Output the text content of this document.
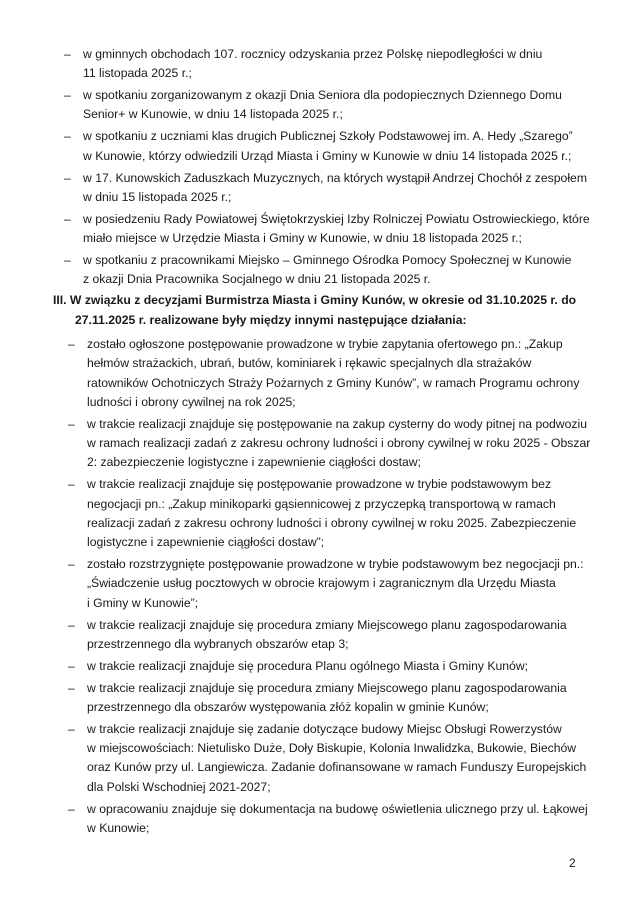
– w gminnych obchodach 107. rocznicy odzyskania przez Polskę niepodległości w dniu
11 listopada 2025 r.;
– w spotkaniu zorganizowanym z okazji Dnia Seniora dla podopiecznych Dziennego Domu
Senior+ w Kunowie, w dniu 14 listopada 2025 r.;
– w spotkaniu z uczniami klas drugich Publicznej Szkoły Podstawowej im. A. Hedy „Szarego”
w Kunowie, którzy odwiedzili Urząd Miasta i Gminy w Kunowie w dniu 14 listopada 2025 r.;
– w 17. Kunowskich Zaduszkach Muzycznych, na których wystąpił Andrzej Chochół z zespołem
w dniu 15 listopada 2025 r.;
– w posiedzeniu Rady Powiatowej Świętokrzyskiej Izby Rolniczej Powiatu Ostrowieckiego, które
miało miejsce w Urzędzie Miasta i Gminy w Kunowie, w dniu 18 listopada 2025 r.;
– w spotkaniu z pracownikami Miejsko – Gminnego Ośrodka Pomocy Społecznej w Kunowie
z okazji Dnia Pracownika Socjalnego w dniu 21 listopada 2025 r.
III. W związku z decyzjami Burmistrza Miasta i Gminy Kunów, w okresie od 31.10.2025 r. do
27.11.2025 r. realizowane były między innymi następujące działania:
– zostało ogłoszone postępowanie prowadzone w trybie zapytania ofertowego pn.: „Zakup
hełmów strażackich, ubrań, butów, kominiarek i rękawic specjalnych dla strażaków
ratowników Ochotniczych Straży Pożarnych z Gminy Kunów”, w ramach Programu ochrony
ludności i obrony cywilnej na rok 2025;
– w trakcie realizacji znajduje się postępowanie na zakup cysterny do wody pitnej na podwoziu
w ramach realizacji zadań z zakresu ochrony ludności i obrony cywilnej w roku 2025 - Obszar
2: zabezpieczenie logistyczne i zapewnienie ciągłości dostaw;
– w trakcie realizacji znajduje się postępowanie prowadzone w trybie podstawowym bez
negocjacji pn.: „Zakup minikoparki gąsiennicowej z przyczepką transportową w ramach
realizacji zadań z zakresu ochrony ludności i obrony cywilnej w roku 2025. Zabezpieczenie
logistyczne i zapewnienie ciągłości dostaw”;
– zostało rozstrzygnięte postępowanie prowadzone w trybie podstawowym bez negocjacji pn.:
„Świadczenie usług pocztowych w obrocie krajowym i zagranicznym dla Urzędu Miasta
i Gminy w Kunowie”;
– w trakcie realizacji znajduje się procedura zmiany Miejscowego planu zagospodarowania
przestrzennego dla wybranych obszarów etap 3;
– w trakcie realizacji znajduje się procedura Planu ogólnego Miasta i Gminy Kunów;
– w trakcie realizacji znajduje się procedura zmiany Miejscowego planu zagospodarowania
przestrzennego dla obszarów występowania złóż kopalin w gminie Kunów;
– w trakcie realizacji znajduje się zadanie dotyczące budowy Miejsc Obsługi Rowerzystów
w miejscowościach: Nietulisko Duże, Doły Biskupie, Kolonia Inwalidzka, Bukowie, Biechów
oraz Kunów przy ul. Langiewicza. Zadanie dofinansowane w ramach Funduszy Europejskich
dla Polski Wschodniej 2021-2027;
– w opracowaniu znajduje się dokumentacja na budowę oświetlenia ulicznego przy ul. Łąkowej
w Kunowie;
2
